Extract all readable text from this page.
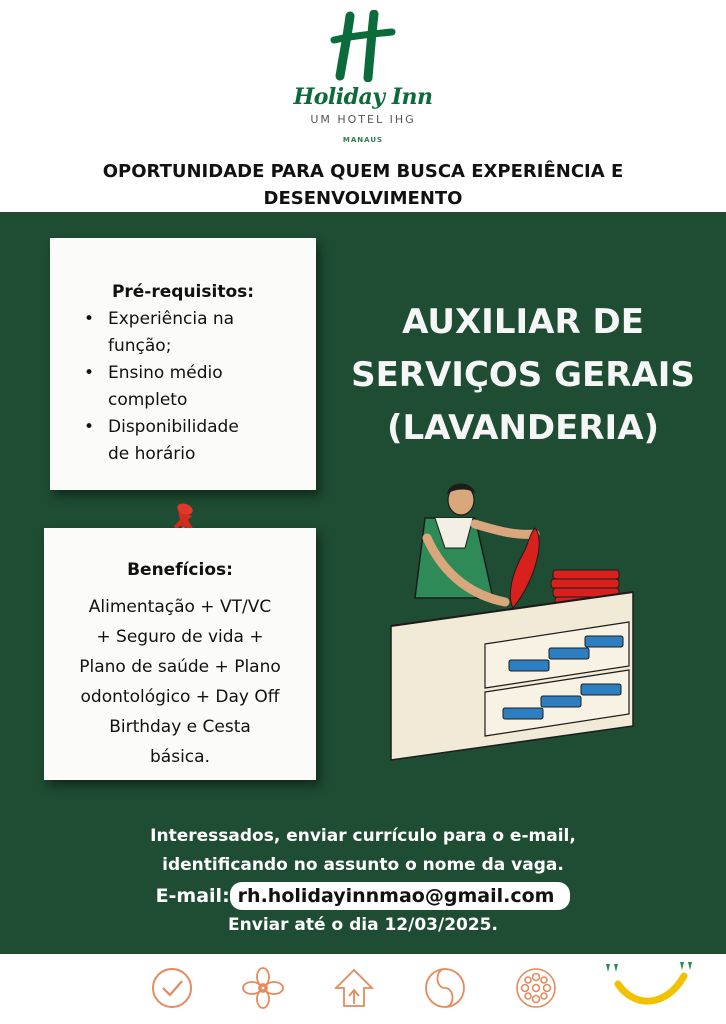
Holiday Inn
UM HOTEL IHG
MANAUS
OPORTUNIDADE PARA QUEM BUSCA EXPERIÊNCIA E
DESENVOLVIMENTO
Pré-requisitos:
• Experiência na
função;
• Ensino médio
completo
• Disponibilidade
de horário
Benefícios:
Alimentação + VT/VC
+ Seguro de vida +
Plano de saúde + Plano
odontológico + Day Off
Birthday e Cesta
básica.
AUXILIAR DE
SERVIÇOS GERAIS
(LAVANDERIA)
Interessados, enviar currículo para o e-mail,
identificando no assunto o nome da vaga.
E-mail: rh.holidayinnmao@gmail.com
Enviar até o dia 12/03/2025.
